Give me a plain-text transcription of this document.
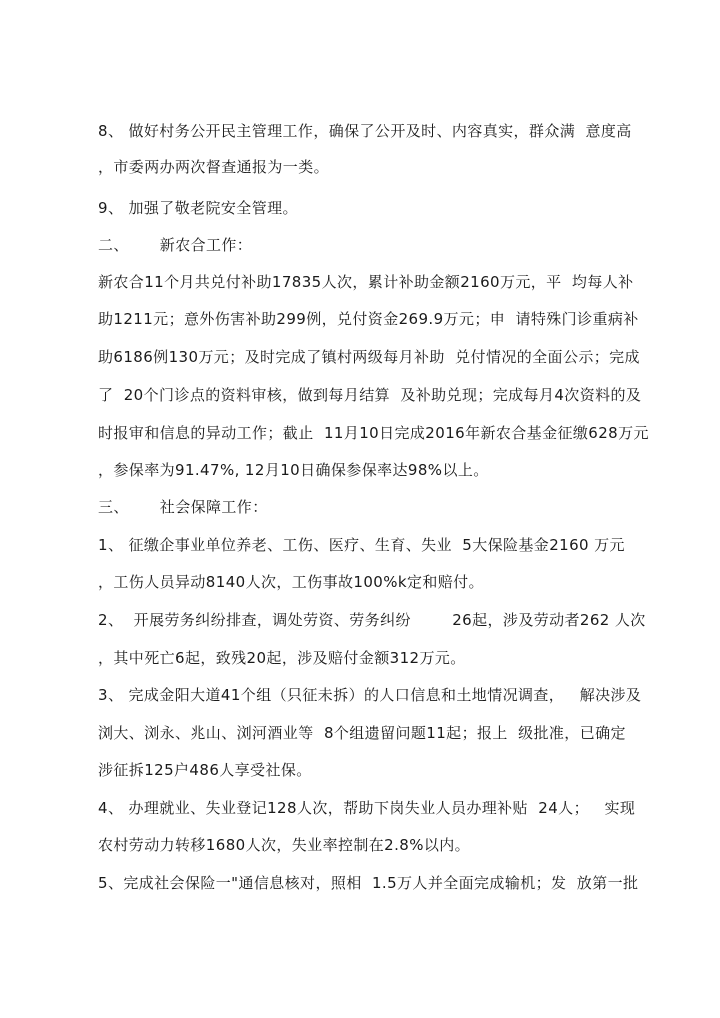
8、 做好村务公开民主管理工作，确保了公开及时、内容真实，群众满  意度高
，市委两办两次督查通报为一类。
9、 加强了敬老院安全管理。
二、      新农合工作：
新农合11个月共兑付补助17835人次，累计补助金额2160万元，平  均每人补
助1211元；意外伤害补助299例，兑付资金269.9万元；申  请特殊门诊重病补
助6186例130万元；及时完成了镇村两级每月补助  兑付情况的全面公示；完成
了  20个门诊点的资料审核，做到每月结算  及补助兑现；完成每月4次资料的及
时报审和信息的异动工作；截止  11月10日完成2016年新农合基金征缴628万元
，参保率为91.47%, 12月10日确保参保率达98%以上。
三、      社会保障工作：
1、 征缴企事业单位养老、工伤、医疗、生育、失业  5大保险基金2160 万元
，工伤人员异动8140人次，工伤事故100%k定和赔付。
2、  开展劳务纠纷排查，调处劳资、劳务纠纷        26起，涉及劳动者262 人次
，其中死亡6起，致残20起，涉及赔付金额312万元。
3、 完成金阳大道41个组（只征未拆）的人口信息和土地情况调查，   解决涉及
浏大、浏永、兆山、浏河酒业等  8个组遗留问题11起；报上  级批准，已确定
涉征拆125户486人享受社保。
4、 办理就业、失业登记128人次，帮助下岗失业人员办理补贴  24人；   实现
农村劳动力转移1680人次，失业率控制在2.8%以内。
5、完成社会保险一"通信息核对，照相  1.5万人并全面完成输机；发  放第一批
